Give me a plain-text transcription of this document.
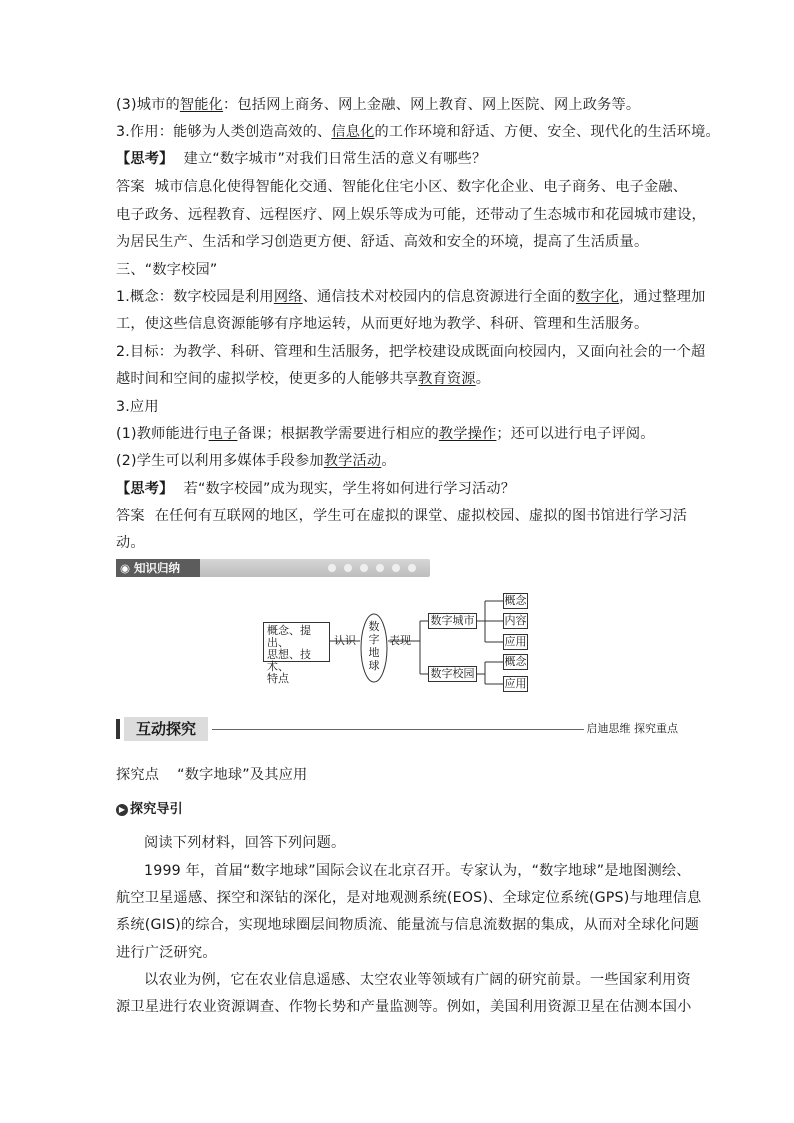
(3)城市的智能化：包括网上商务、网上金融、网上教育、网上医院、网上政务等。
3.作用：能够为人类创造高效的、信息化的工作环境和舒适、方便、安全、现代化的生活环境。
【思考】 建立“数字城市”对我们日常生活的意义有哪些？
答案 城市信息化使得智能化交通、智能化住宅小区、数字化企业、电子商务、电子金融、
电子政务、远程教育、远程医疗、网上娱乐等成为可能，还带动了生态城市和花园城市建设，
为居民生产、生活和学习创造更方便、舒适、高效和安全的环境，提高了生活质量。
三、“数字校园”
1.概念：数字校园是利用网络、通信技术对校园内的信息资源进行全面的数字化，通过整理加
工，使这些信息资源能够有序地运转，从而更好地为教学、科研、管理和生活服务。
2.目标：为教学、科研、管理和生活服务，把学校建设成既面向校园内，又面向社会的一个超
越时间和空间的虚拟学校，使更多的人能够共享教育资源。
3.应用
(1)教师能进行电子备课；根据教学需要进行相应的教学操作；还可以进行电子评阅。
(2)学生可以利用多媒体手段参加教学活动。
【思考】 若“数字校园”成为现实，学生将如何进行学习活动？
答案 在任何有互联网的地区，学生可在虚拟的课堂、虚拟校园、虚拟的图书馆进行学习活
动。
◉ 知识归纳
概念、提出、
思想、技术、
特点
认识
数
字
地
球
表现
数字城市
数字校园
概念
内容
应用
概念
应用
互动探究	启迪思维 探究重点
探究点 “数字地球”及其应用
▶ 探究导引
阅读下列材料，回答下列问题。
1999 年，首届“数字地球”国际会议在北京召开。专家认为，“数字地球”是地图测绘、
航空卫星遥感、探空和深钻的深化，是对地观测系统(EOS)、全球定位系统(GPS)与地理信息
系统(GIS)的综合，实现地球圈层间物质流、能量流与信息流数据的集成，从而对全球化问题
进行广泛研究。
以农业为例，它在农业信息遥感、太空农业等领域有广阔的研究前景。一些国家利用资
源卫星进行农业资源调查、作物长势和产量监测等。例如，美国利用资源卫星在估测本国小
